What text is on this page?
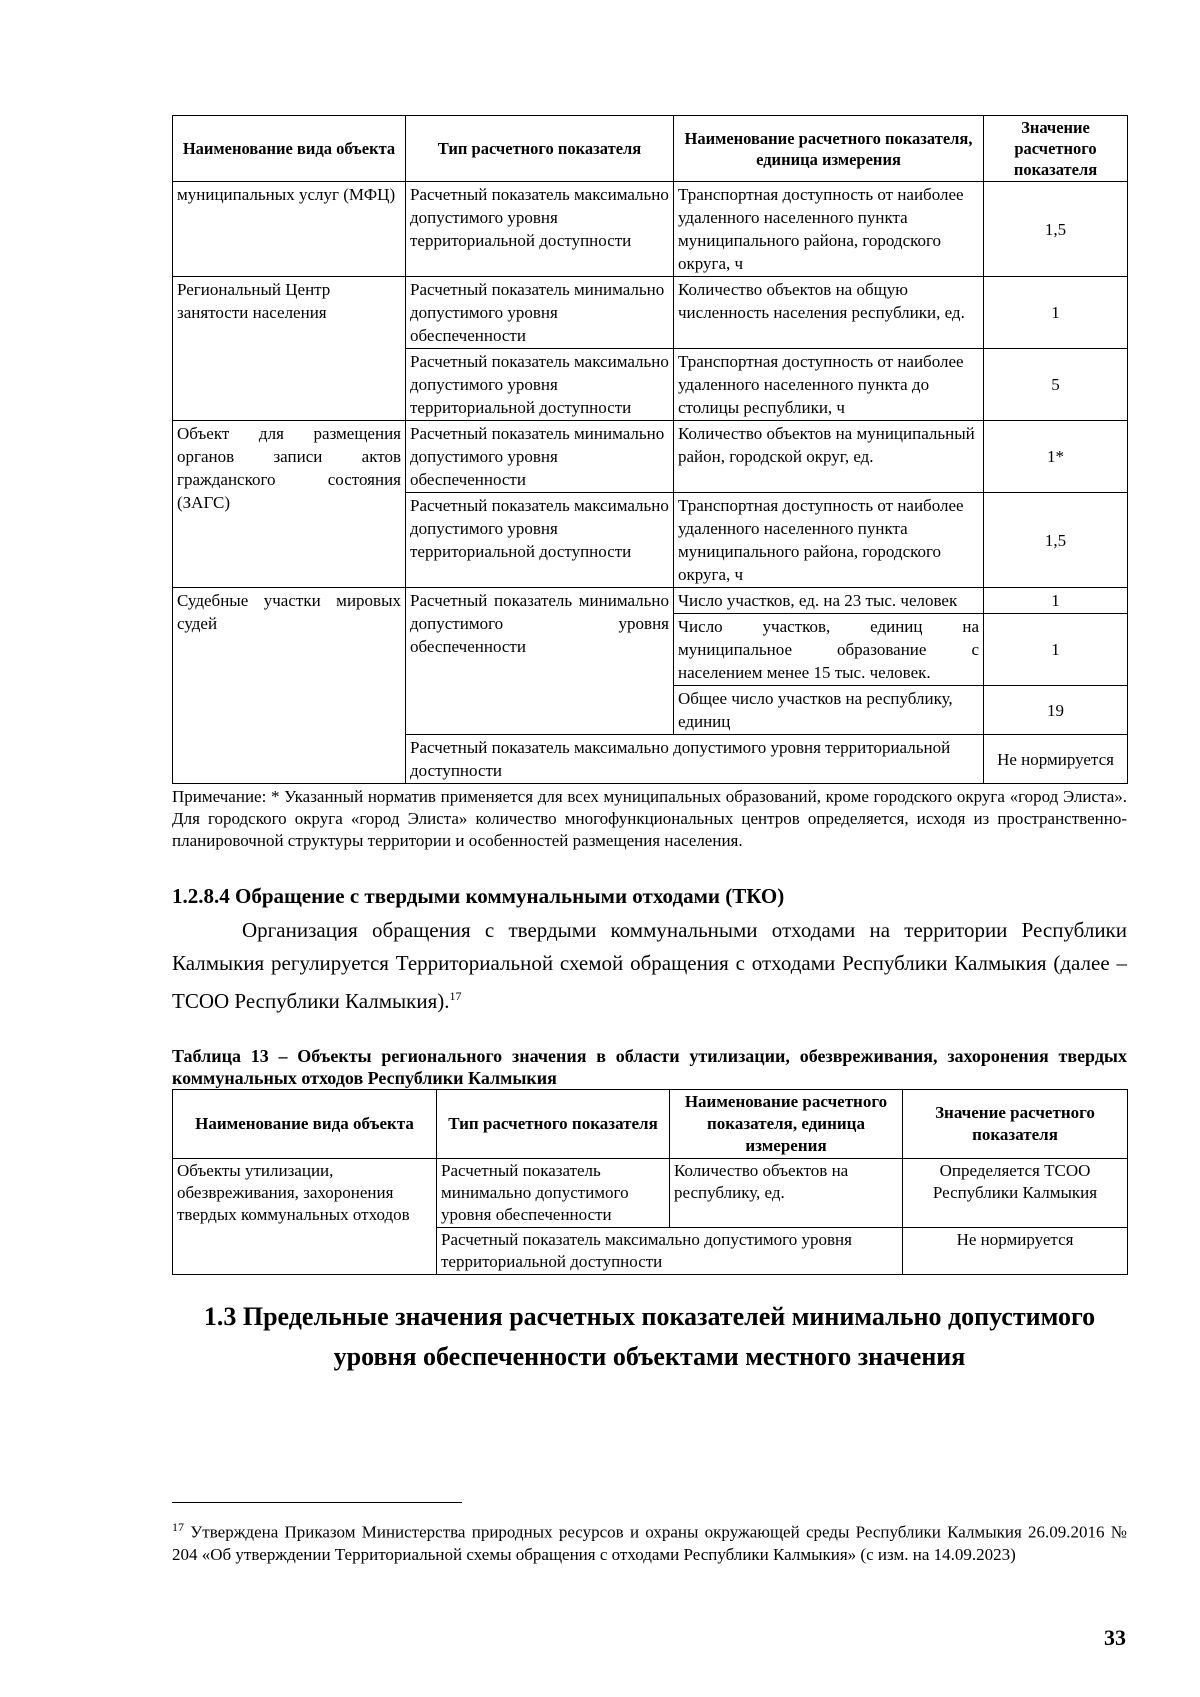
Наименование вида объекта	Тип расчетного показателя	Наименование расчетного показателя, единица измерения	Значение расчетного показателя
муниципальных услуг (МФЦ)	Расчетный показатель максимально допустимого уровня территориальной доступности	Транспортная доступность от наиболее удаленного населенного пункта муниципального района, городского округа, ч	1,5
Региональный Центр занятости населения	Расчетный показатель минимально допустимого уровня обеспеченности	Количество объектов на общую численность населения республики, ед.	1
	Расчетный показатель максимально допустимого уровня территориальной доступности	Транспортная доступность от наиболее удаленного населенного пункта до столицы республики, ч	5
Объект для размещения органов записи актов гражданского состояния (ЗАГС)	Расчетный показатель минимально допустимого уровня обеспеченности	Количество объектов на муниципальный район, городской округ, ед.	1*
	Расчетный показатель максимально допустимого уровня территориальной доступности	Транспортная доступность от наиболее удаленного населенного пункта муниципального района, городского округа, ч	1,5
Судебные участки мировых судей	Расчетный показатель минимально допустимого уровня обеспеченности	Число участков, ед. на 23 тыс. человек	1
		Число участков, единиц на муниципальное образование с населением менее 15 тыс. человек.	1
		Общее число участков на республику, единиц	19
	Расчетный показатель максимально допустимого уровня территориальной доступности		Не нормируется
Примечание: * Указанный норматив применяется для всех муниципальных образований, кроме городского округа «город Элиста». Для городского округа «город Элиста» количество многофункциональных центров определяется, исходя из пространственно-планировочной структуры территории и особенностей размещения населения.
1.2.8.4 Обращение с твердыми коммунальными отходами (ТКО)
Организация обращения с твердыми коммунальными отходами на территории Республики Калмыкия регулируется Территориальной схемой обращения с отходами Республики Калмыкия (далее – ТСОО Республики Калмыкия).$^{17}$
Таблица 13 – Объекты регионального значения в области утилизации, обезвреживания, захоронения твердых коммунальных отходов Республики Калмыкия
Наименование вида объекта	Тип расчетного показателя	Наименование расчетного показателя, единица измерения	Значение расчетного показателя
Объекты утилизации, обезвреживания, захоронения твердых коммунальных отходов	Расчетный показатель минимально допустимого уровня обеспеченности	Количество объектов на республику, ед.	Определяется ТСОО Республики Калмыкия
	Расчетный показатель максимально допустимого уровня территориальной доступности		Не нормируется
1.3 Предельные значения расчетных показателей минимально допустимого уровня обеспеченности объектами местного значения
$^{17}$ Утверждена Приказом Министерства природных ресурсов и охраны окружающей среды Республики Калмыкия 26.09.2016 № 204 «Об утверждении Территориальной схемы обращения с отходами Республики Калмыкия» (с изм. на 14.09.2023)
33
